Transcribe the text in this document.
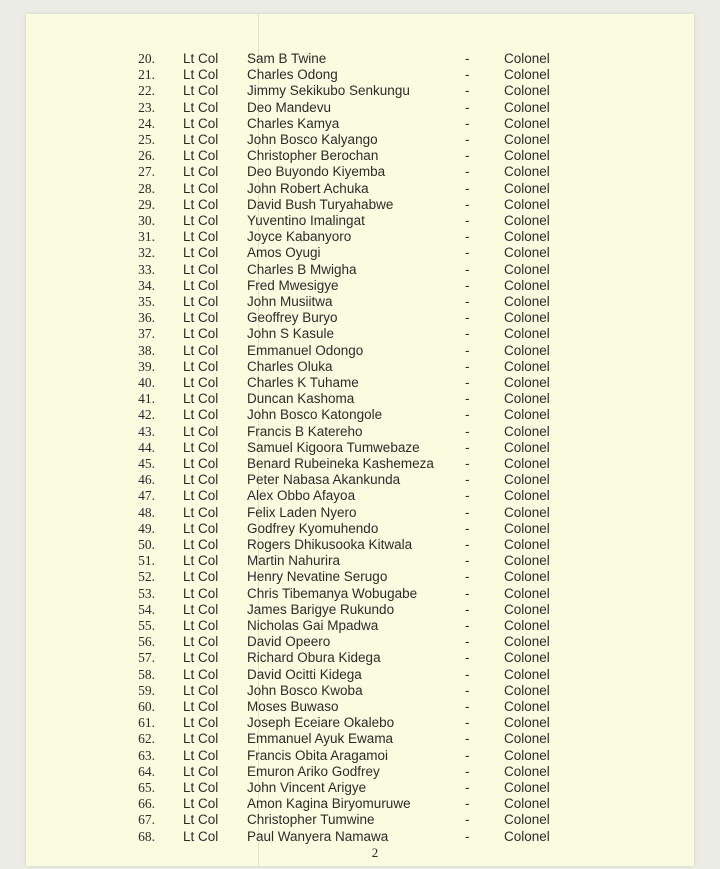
20. Lt Col Sam B Twine	-	Colonel
21. Lt Col Charles Odong	-	Colonel
22. Lt Col Jimmy Sekikubo Senkungu	-	Colonel
23. Lt Col Deo Mandevu	-	Colonel
24. Lt Col Charles Kamya	-	Colonel
25. Lt Col John Bosco Kalyango	-	Colonel
26. Lt Col Christopher Berochan	-	Colonel
27. Lt Col Deo Buyondo Kiyemba	-	Colonel
28. Lt Col John Robert Achuka	-	Colonel
29. Lt Col David Bush Turyahabwe	-	Colonel
30. Lt Col Yuventino Imalingat	-	Colonel
31. Lt Col Joyce Kabanyoro	-	Colonel
32. Lt Col Amos Oyugi	-	Colonel
33. Lt Col Charles B Mwigha	-	Colonel
34. Lt Col Fred Mwesigye	-	Colonel
35. Lt Col John Musiitwa	-	Colonel
36. Lt Col Geoffrey Buryo	-	Colonel
37. Lt Col John S Kasule	-	Colonel
38. Lt Col Emmanuel Odongo	-	Colonel
39. Lt Col Charles Oluka	-	Colonel
40. Lt Col Charles K Tuhame	-	Colonel
41. Lt Col Duncan Kashoma	-	Colonel
42. Lt Col John Bosco Katongole	-	Colonel
43. Lt Col Francis B Katereho	-	Colonel
44. Lt Col Samuel Kigoora Tumwebaze	-	Colonel
45. Lt Col Benard Rubeineka Kashemeza -	Colonel
46. Lt Col Peter Nabasa Akankunda	-	Colonel
47. Lt Col Alex Obbo Afayoa	-	Colonel
48. Lt Col Felix Laden Nyero	-	Colonel
49. Lt Col Godfrey Kyomuhendo	-	Colonel
50. Lt Col Rogers Dhikusooka Kitwala	-	Colonel
51. Lt Col Martin Nahurira	-	Colonel
52. Lt Col Henry Nevatine Serugo	-	Colonel
53. Lt Col Chris Tibemanya Wobugabe	-	Colonel
54. Lt Col James Barigye Rukundo	-	Colonel
55. Lt Col Nicholas Gai Mpadwa	-	Colonel
56. Lt Col David Opeero	-	Colonel
57. Lt Col Richard Obura Kidega	-	Colonel
58. Lt Col David Ocitti Kidega	-	Colonel
59. Lt Col John Bosco Kwoba	-	Colonel
60. Lt Col Moses Buwaso	-	Colonel
61. Lt Col Joseph Eceiare Okalebo	-	Colonel
62. Lt Col Emmanuel Ayuk Ewama	-	Colonel
63. Lt Col Francis Obita Aragamoi	-	Colonel
64. Lt Col Emuron Ariko Godfrey	-	Colonel
65. Lt Col John Vincent Arigye	-	Colonel
66. Lt Col Amon Kagina Biryomuruwe	-	Colonel
67. Lt Col Christopher Tumwine	-	Colonel
68. Lt Col Paul Wanyera Namawa	-	Colonel
2
